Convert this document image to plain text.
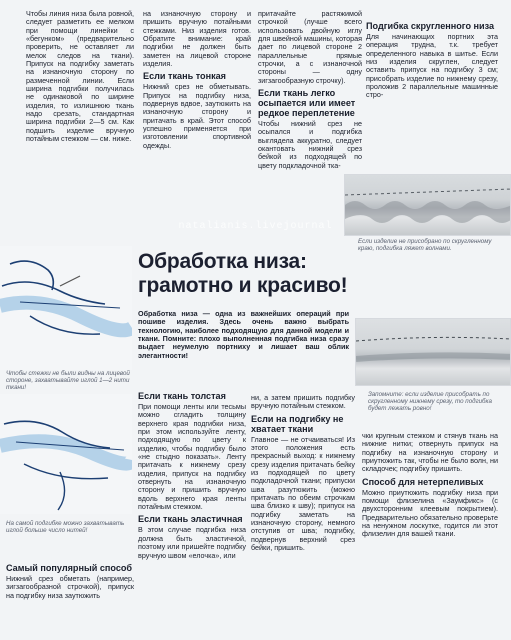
Чтобы линия низа была ровной, следует разметить ее мелком при помощи линейки с «бегунком» (предварительно проверить, не оставляет ли мелок следов на ткани). Припуск на подгибку заметать на изнаночную сторону по размеченной линии. Если ширина подгибки получилась не одинаковой по ширине изделия, то излишнюю ткань надо срезать, стандартная ширина подгибки 2—5 см. Как подшить изделие вручную потайным стежком — см. ниже.

на изнаночную сторону и пришить вручную потайными стежками. Низ изделия готов. Обратите внимание: край подгибки не должен быть заметен на лицевой стороне изделия.

Если ткань тонкая

Нижний срез не обметывать. Припуск на подгибку низа, подвернув вдвое, заутюжить на изнаночную сторону и притачать в край. Этот способ успешно применяется при изготовлении спортивной одежды.

притачайте растяжимой строчкой (лучше всего использовать двойную иглу для швейной машины, которая дает по лицевой стороне 2 параллельные прямые строчки, а с изнаночной стороны — одну зигзагообразную строчку).

Если ткань легко осыпается или имеет редкое переплетение

Чтобы нижний срез не осыпался и подгибка выглядела аккуратно, следует окантовать нижний срез бейкой из подходящей по цвету подкладочной тка-

Подгибка скругленного низа

Для начинающих портних эта операция трудна, т.к. требует определенного навыка в шитье. Если низ изделия скруглен, следует оставить припуск на подгибку 3 см; присобрать изделие по нижнему срезу, проложив 2 параллельные машинные стро-

Если изделие не присобрано по скругленному краю, подгибка ляжет волнами.
natalianis.livejournal
Чтобы стежки не были видны на лицевой стороне, захватывайте иглой 1—2 нити ткани!
Обработка низа:
грамотно и красиво!

Обработка низа — одна из важнейших операций при пошиве изделия. Здесь очень важно выбрать технологию, наиболее подходящую для данной модели и ткани. Помните: плохо выполненная подгибка низа сразу выдает неумелую портниху и лишает ваш облик элегантности!

Запомните: если изделие присобрать по скругленному нижнему срезу, то подгибка будет лежать ровно!
На самой подгибке можно захватывать иглой больше число нитей!
Самый популярный способ

Нижний срез обметать (например, зигзагообразной строчкой), припуск на подгибку низа заутюжить

Если ткань толстая

При помощи ленты или тесьмы можно сгладить толщину верхнего края подгибки низа, при этом используйте ленту, подходящую по цвету к изделию, чтобы подгибку было «не стыдно показать». Ленту притачать к нижнему срезу изделия, припуск на подгибку отвернуть на изнаночную сторону и пришить вручную вдоль верхнего края ленты потайным стежком.

Если ткань эластичная

В этом случае подгибка низа должна быть эластичной, поэтому или пришейте подгибку вручную швом «елочка», или

ни, а затем пришить подгибку вручную потайным стежком.

Если на подгибку не хватает ткани

Главное — не отчаиваться! Из этого положения есть прекрасный выход: к нижнему срезу изделия притачать бейку из подходящей по цвету подкладочной ткани; припуски шва разутюжить (можно притачать по обеим строчкам шва близко к шву); припуск на подгибку заметать на изнаночную сторону, немного отступив от шва; подгибку, подвернув верхний срез бейки, пришить.

чки крупным стежком и стянув ткань на нижние нитки; отвернуть припуск на подгибку на изнаночную сторону и приутюжить так, чтобы не было волн, ни складочек; подгибку пришить.

Способ для нетерпеливых

Можно приутюжить подгибку низа при помощи флизелина «Заумфикс» (с двухсторонним клеевым покрытием). Предварительно обязательно проверьте на ненужном лоскутке, годится ли этот флизелин для вашей ткани.
